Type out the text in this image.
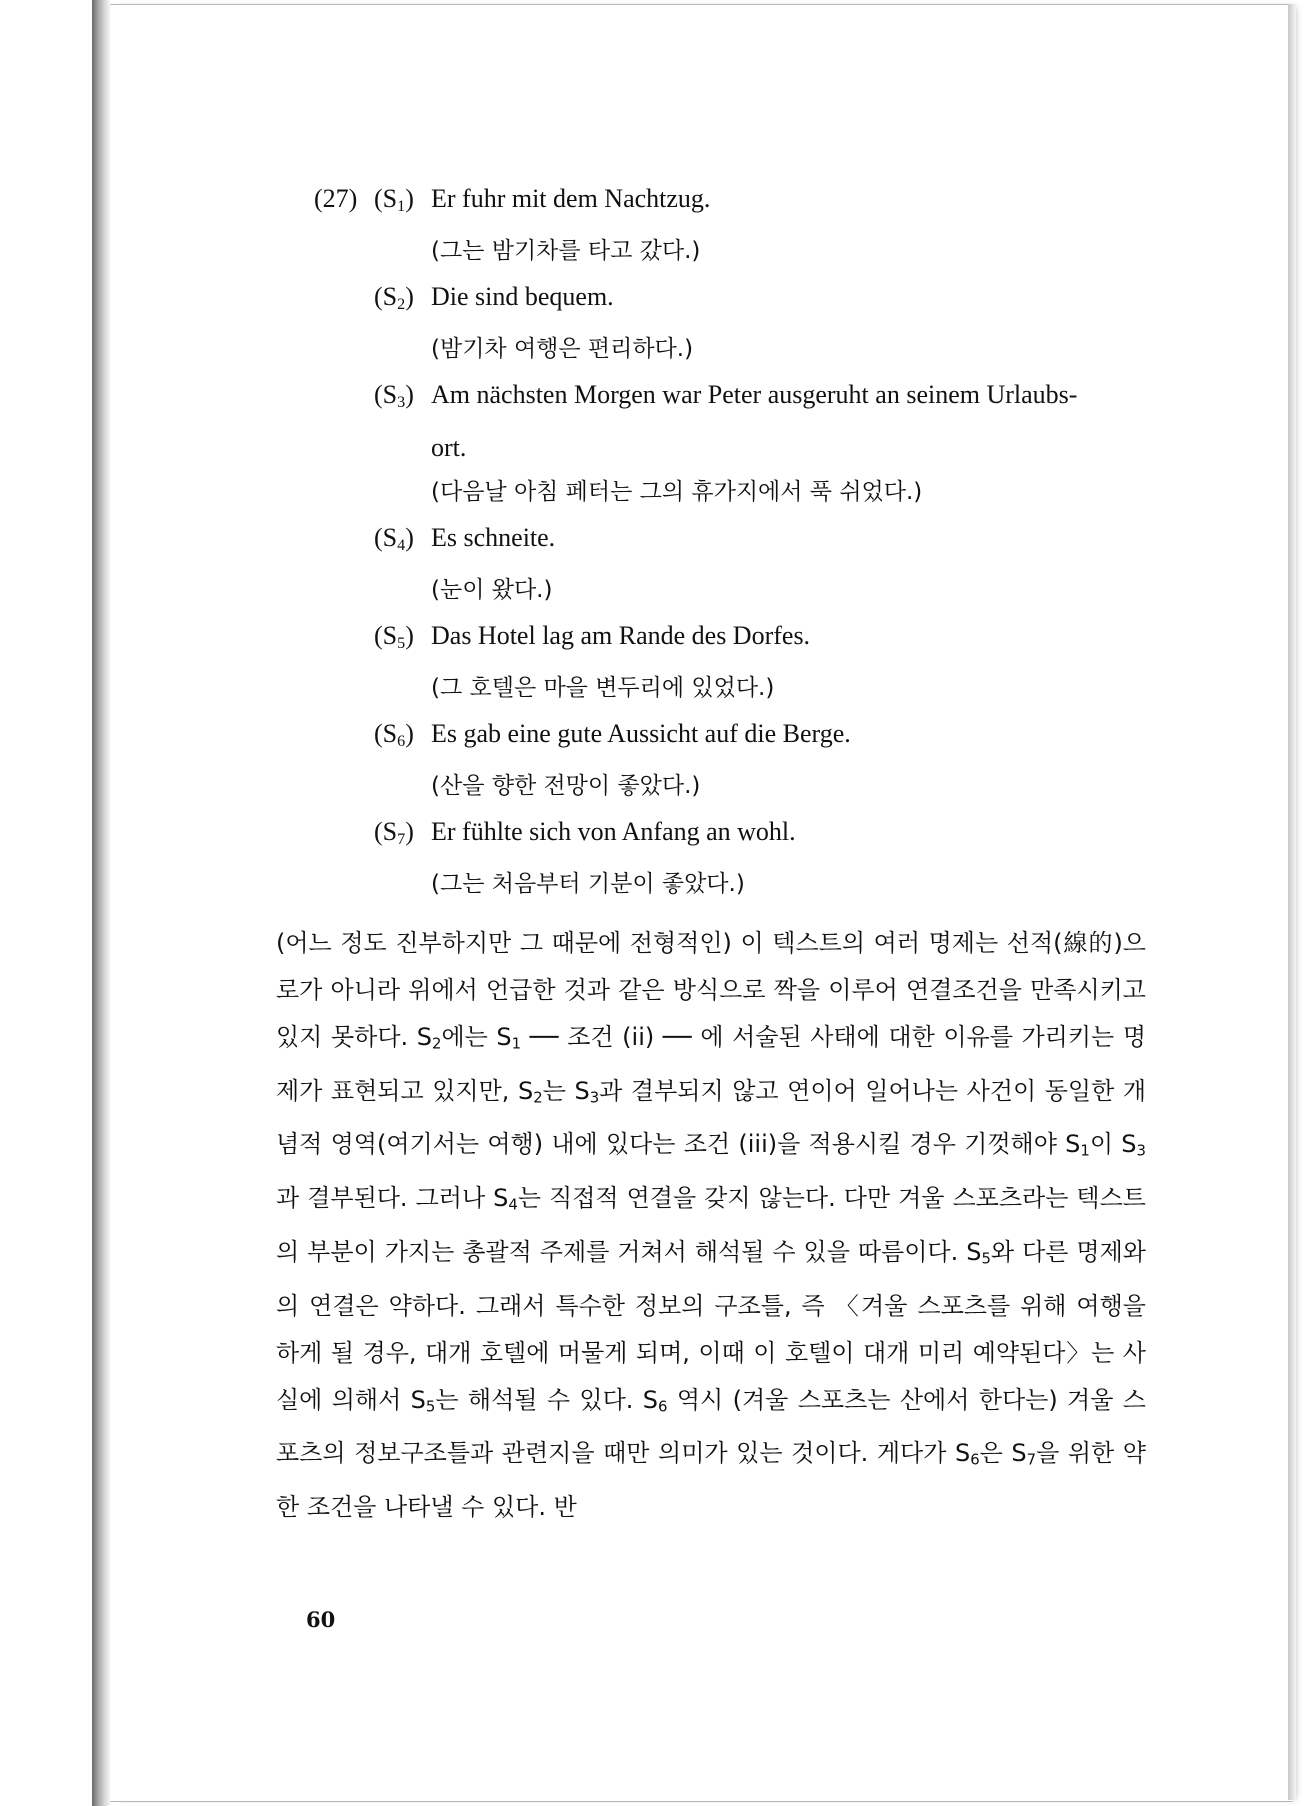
(27) $(S_1)$ Er fuhr mit dem Nachtzug.
(그는 밤기차를 타고 갔다.)
$(S_2)$ Die sind bequem.
(밤기차 여행은 편리하다.)
$(S_3)$ Am nächsten Morgen war Peter ausgeruht an seinem Urlaubs-
ort.
(다음날 아침 페터는 그의 휴가지에서 푹 쉬었다.)
$(S_4)$ Es schneite.
(눈이 왔다.)
$(S_5)$ Das Hotel lag am Rande des Dorfes.
(그 호텔은 마을 변두리에 있었다.)
$(S_6)$ Es gab eine gute Aussicht auf die Berge.
(산을 향한 전망이 좋았다.)
$(S_7)$ Er fühlte sich von Anfang an wohl.
(그는 처음부터 기분이 좋았다.)

(어느 정도 진부하지만 그 때문에 전형적인) 이 텍스트의 여러 명제는 선적(線的)으로가 아니라 위에서 언급한 것과 같은 방식으로 짝을 이루어 연결조건을 만족시키고 있지 못하다. $S_2$에는 $S_1$ ── 조건 (ii) ── 에 서술된 사태에 대한 이유를 가리키는 명제가 표현되고 있지만, $S_2$는 $S_3$과 결부되지 않고 연이어 일어나는 사건이 동일한 개념적 영역(여기서는 여행) 내에 있다는 조건 (iii)을 적용시킬 경우 기껏해야 $S_1$이 $S_3$과 결부된다. 그러나 $S_4$는 직접적 연결을 갖지 않는다. 다만 겨울 스포츠라는 텍스트의 부분이 가지는 총괄적 주제를 거쳐서 해석될 수 있을 따름이다. $S_5$와 다른 명제와의 연결은 약하다. 그래서 특수한 정보의 구조틀, 즉 〈겨울 스포츠를 위해 여행을 하게 될 경우, 대개 호텔에 머물게 되며, 이때 이 호텔이 대개 미리 예약된다〉는 사실에 의해서 $S_5$는 해석될 수 있다. $S_6$ 역시 (겨울 스포츠는 산에서 한다는) 겨울 스포츠의 정보구조틀과 관련지을 때만 의미가 있는 것이다. 게다가 $S_6$은 $S_7$을 위한 약한 조건을 나타낼 수 있다. 반

60
